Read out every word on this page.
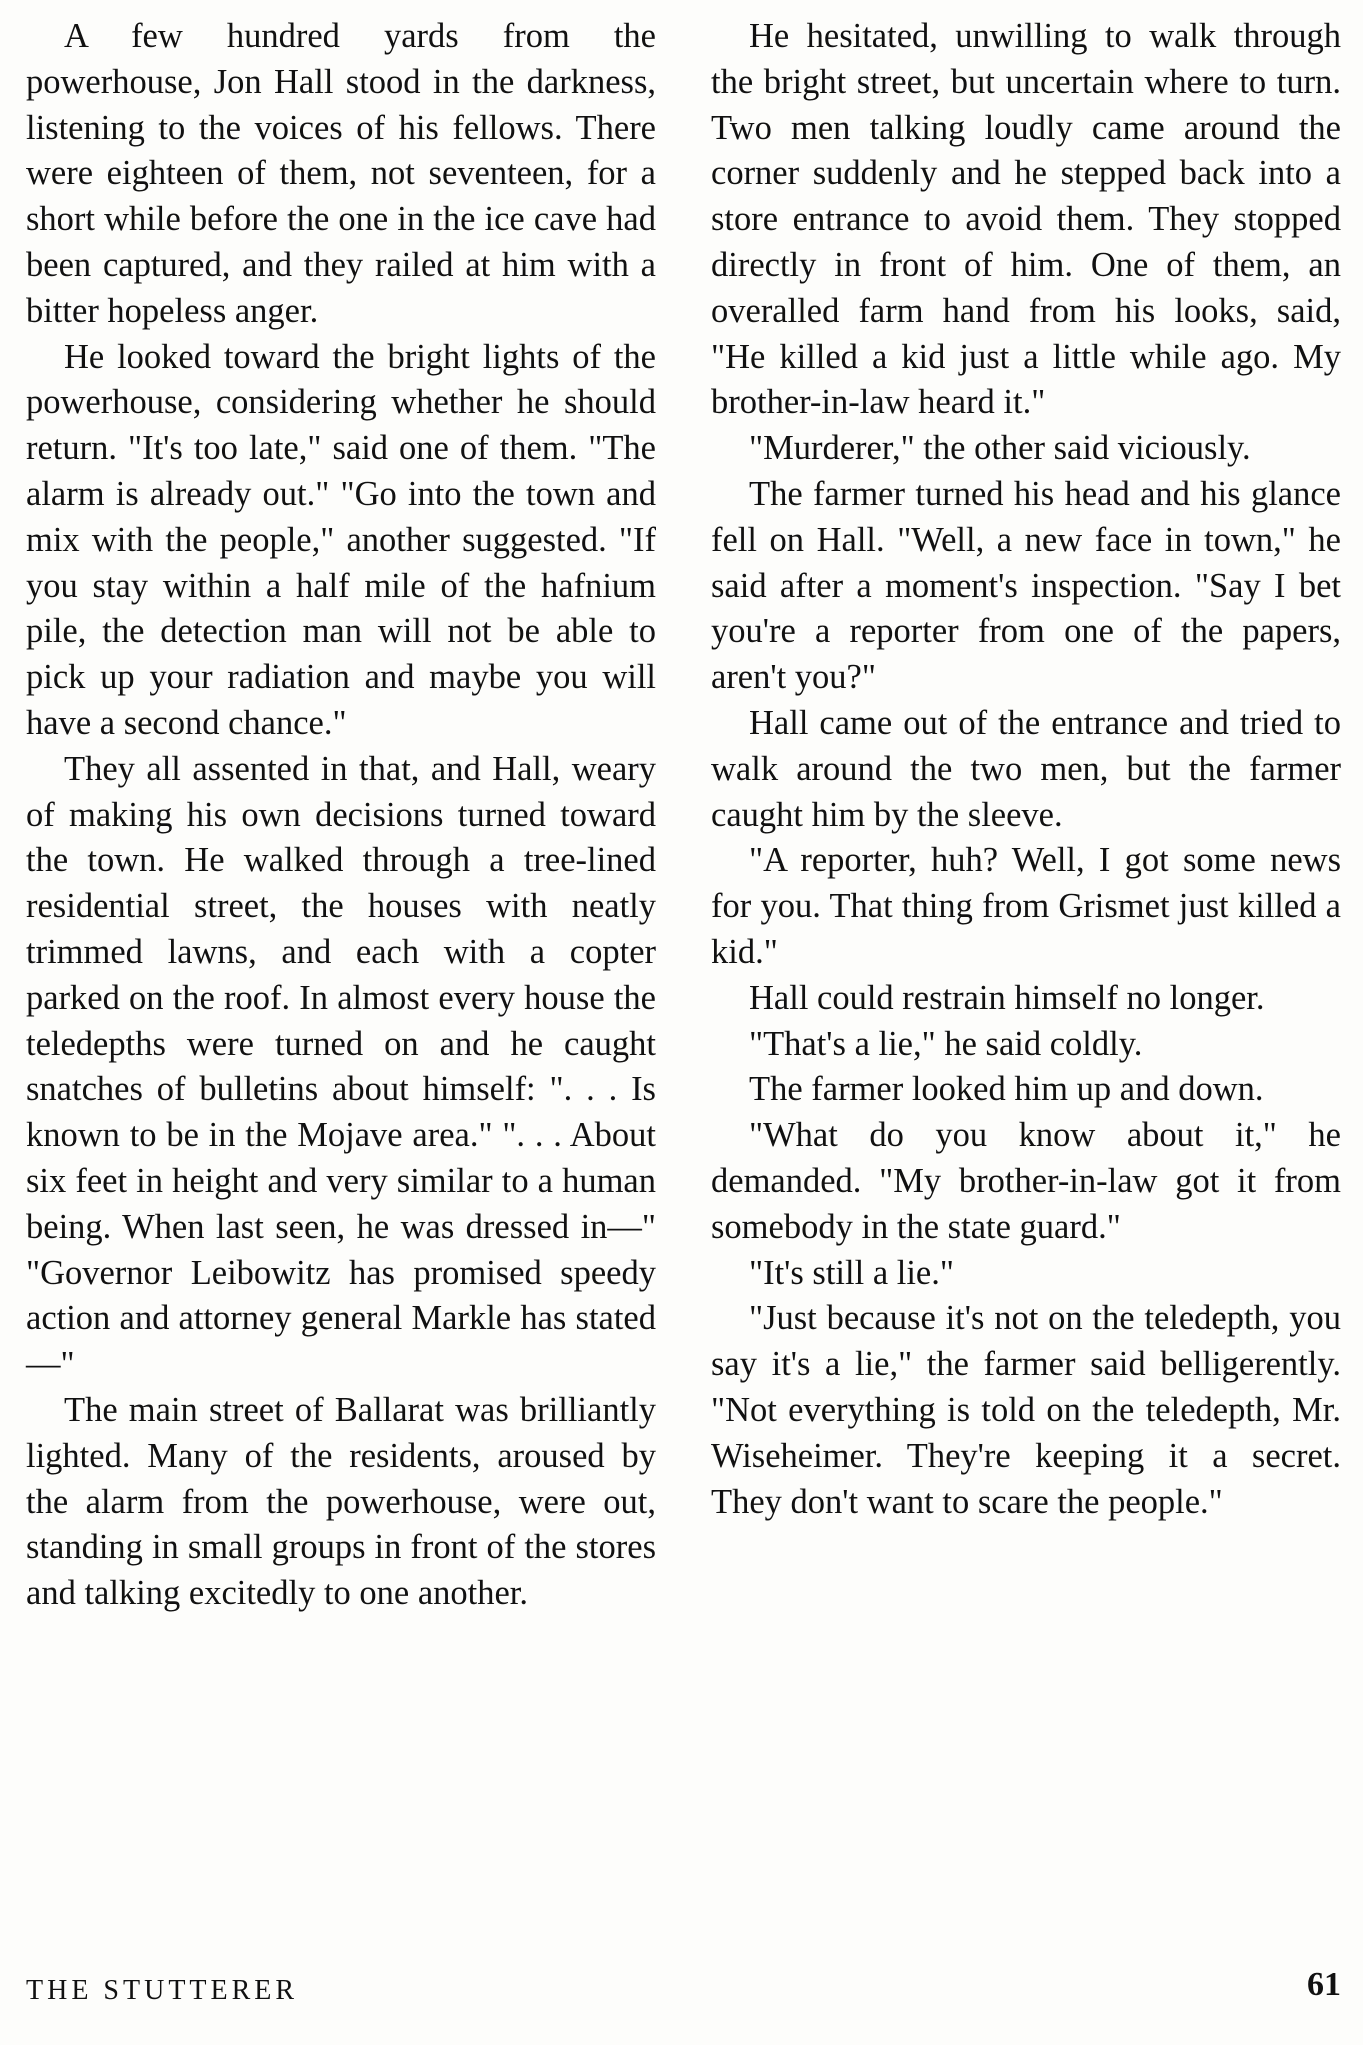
A few hundred yards from the powerhouse, Jon Hall stood in the darkness, listening to the voices of his fellows. There were eighteen of them, not seventeen, for a short while before the one in the ice cave had been captured, and they railed at him with a bitter hopeless anger.

He looked toward the bright lights of the powerhouse, considering whether he should return. "It's too late," said one of them. "The alarm is already out." "Go into the town and mix with the people," another suggested. "If you stay within a half mile of the hafnium pile, the detection man will not be able to pick up your radiation and maybe you will have a second chance."

They all assented in that, and Hall, weary of making his own decisions turned toward the town. He walked through a tree-lined residential street, the houses with neatly trimmed lawns, and each with a copter parked on the roof. In almost every house the teledepths were turned on and he caught snatches of bulletins about himself: ". . . Is known to be in the Mojave area." ". . . About six feet in height and very similar to a human being. When last seen, he was dressed in—" "Governor Leibowitz has promised speedy action and attorney general Markle has stated—"

The main street of Ballarat was brilliantly lighted. Many of the residents, aroused by the alarm from the powerhouse, were out, standing in small groups in front of the stores and talking excitedly to one another.

He hesitated, unwilling to walk through the bright street, but uncertain where to turn. Two men talking loudly came around the corner suddenly and he stepped back into a store entrance to avoid them. They stopped directly in front of him. One of them, an overalled farm hand from his looks, said, "He killed a kid just a little while ago. My brother-in-law heard it."

"Murderer," the other said viciously.

The farmer turned his head and his glance fell on Hall. "Well, a new face in town," he said after a moment's inspection. "Say I bet you're a reporter from one of the papers, aren't you?"

Hall came out of the entrance and tried to walk around the two men, but the farmer caught him by the sleeve.

"A reporter, huh? Well, I got some news for you. That thing from Grismet just killed a kid."

Hall could restrain himself no longer.

"That's a lie," he said coldly.

The farmer looked him up and down.

"What do you know about it," he demanded. "My brother-in-law got it from somebody in the state guard."

"It's still a lie."

"Just because it's not on the teledepth, you say it's a lie," the farmer said belligerently. "Not everything is told on the teledepth, Mr. Wiseheimer. They're keeping it a secret. They don't want to scare the people."

THE STUTTERER	61
